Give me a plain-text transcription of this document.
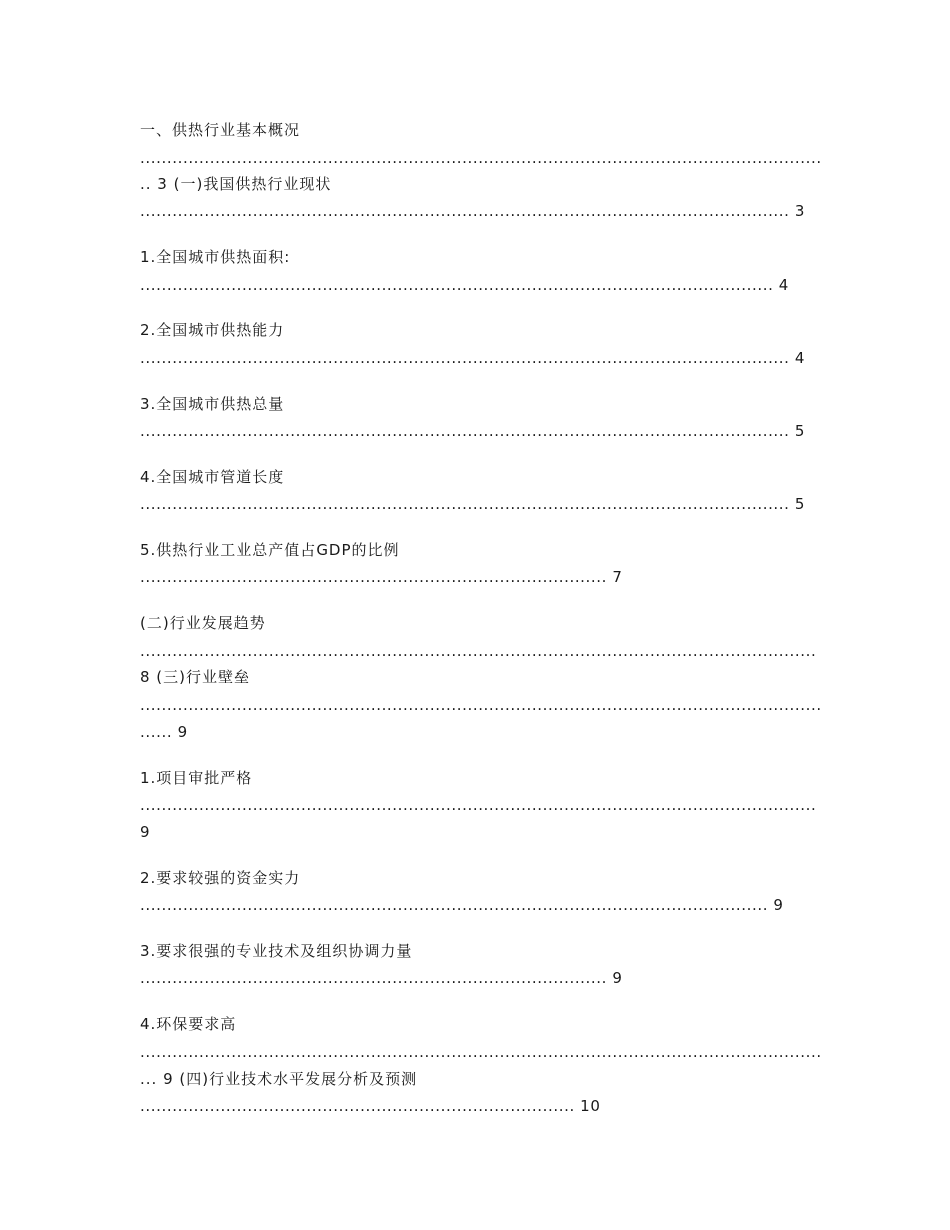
一、供热行业基本概况
...............................................................................................................................
.. 3 (一)我国供热行业现状
......................................................................................................................... 3
1.全国城市供热面积:
...................................................................................................................... 4
2.全国城市供热能力
......................................................................................................................... 4
3.全国城市供热总量
......................................................................................................................... 5
4.全国城市管道长度
......................................................................................................................... 5
5.供热行业工业总产值占GDP的比例
....................................................................................... 7
(二)行业发展趋势
..............................................................................................................................
8 (三)行业壁垒
...............................................................................................................................
...... 9
1.项目审批严格
..............................................................................................................................
9
2.要求较强的资金实力
..................................................................................................................... 9
3.要求很强的专业技术及组织协调力量
....................................................................................... 9
4.环保要求高
...............................................................................................................................
... 9 (四)行业技术水平发展分析及预测
................................................................................. 10
